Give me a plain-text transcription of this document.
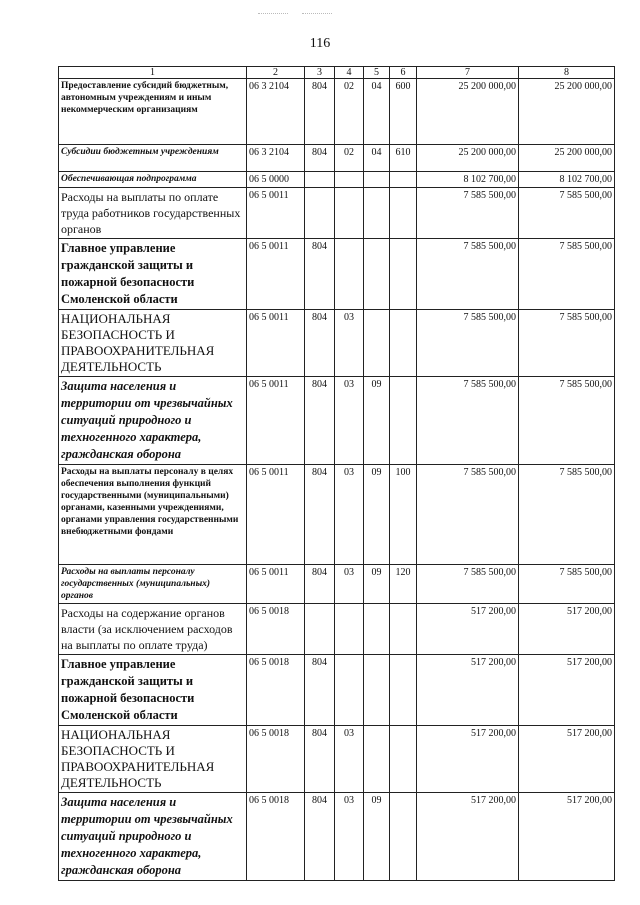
116
1	2	3	4	5	6	7	8
Предоставление субсидий бюджетным, автономным учреждениям и иным некоммерческим организациям	06 3 2104	804	02	04	600	25 200 000,00	25 200 000,00
Субсидии бюджетным учреждениям	06 3 2104	804	02	04	610	25 200 000,00	25 200 000,00
Обеспечивающая подпрограмма	06 5 0000					8 102 700,00	8 102 700,00
Расходы на выплаты по оплате труда работников государственных органов	06 5 0011					7 585 500,00	7 585 500,00
Главное управление гражданской защиты и пожарной безопасности Смоленской области	06 5 0011	804				7 585 500,00	7 585 500,00
НАЦИОНАЛЬНАЯ БЕЗОПАСНОСТЬ И ПРАВООХРАНИТЕЛЬНАЯ ДЕЯТЕЛЬНОСТЬ	06 5 0011	804	03			7 585 500,00	7 585 500,00
Защита населения и территории от чрезвычайных ситуаций природного и техногенного характера, гражданская оборона	06 5 0011	804	03	09		7 585 500,00	7 585 500,00
Расходы на выплаты персоналу в целях обеспечения выполнения функций государственными (муниципальными) органами, казенными учреждениями, органами управления государственными внебюджетными фондами	06 5 0011	804	03	09	100	7 585 500,00	7 585 500,00
Расходы на выплаты персоналу государственных (муниципальных) органов	06 5 0011	804	03	09	120	7 585 500,00	7 585 500,00
Расходы на содержание органов власти (за исключением расходов на выплаты по оплате труда)	06 5 0018					517 200,00	517 200,00
Главное управление гражданской защиты и пожарной безопасности Смоленской области	06 5 0018	804				517 200,00	517 200,00
НАЦИОНАЛЬНАЯ БЕЗОПАСНОСТЬ И ПРАВООХРАНИТЕЛЬНАЯ ДЕЯТЕЛЬНОСТЬ	06 5 0018	804	03			517 200,00	517 200,00
Защита населения и территории от чрезвычайных ситуаций природного и техногенного характера, гражданская оборона	06 5 0018	804	03	09		517 200,00	517 200,00
